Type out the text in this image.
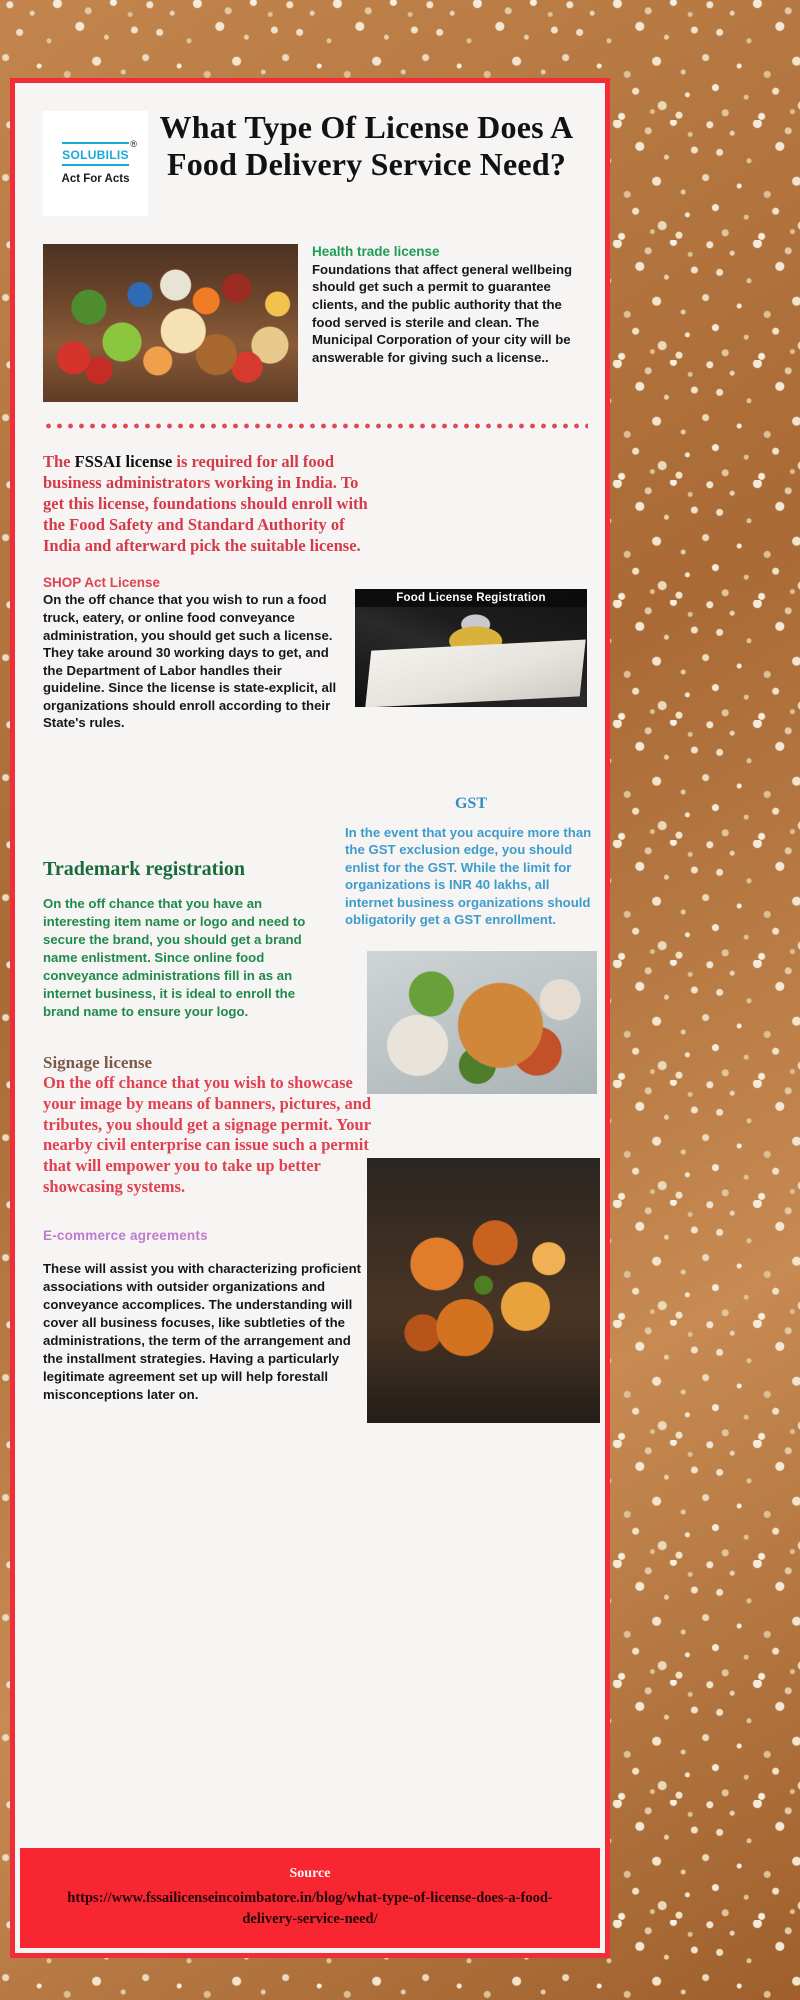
solubilis
®
Act For Acts
What Type Of License Does A Food Delivery Service Need?
Health trade license

Foundations that affect general wellbeing should get such a permit to guarantee clients, and the public authority that the food served is sterile and clean. The Municipal Corporation of your city will be answerable for giving such a license..

The FSSAI license is required for all food business administrators working in India. To get this license, foundations should enroll with the Food Safety and Standard Authority of India and afterward pick the suitable license.
SHOP Act License

On the off chance that you wish to run a food truck, eatery, or online food conveyance administration, you should get such a license. They take around 30 working days to get, and the Department of Labor handles their guideline. Since the license is state-explicit, all organizations should enroll according to their State's rules.

Food License Registration
GST

In the event that you acquire more than the GST exclusion edge, you should enlist for the GST. While the limit for organizations is INR 40 lakhs, all internet business organizations should obligatorily get a GST enrollment.

Trademark registration

On the off chance that you have an interesting item name or logo and need to secure the brand, you should get a brand name enlistment. Since online food conveyance administrations fill in as an internet business, it is ideal to enroll the brand name to ensure your logo.

Signage license

On the off chance that you wish to showcase your image by means of banners, pictures, and tributes, you should get a signage permit. Your nearby civil enterprise can issue such a permit that will empower you to take up better showcasing systems.

E-commerce agreements

These will assist you with characterizing proficient associations with outsider organizations and conveyance accomplices. The understanding will cover all business focuses, like subtleties of the administrations, the term of the arrangement and the installment strategies. Having a particularly legitimate agreement set up will help forestall misconceptions later on.

Source
https://www.fssailicenseincoimbatore.in/blog/what-type-of-license-does-a-food-delivery-service-need/
